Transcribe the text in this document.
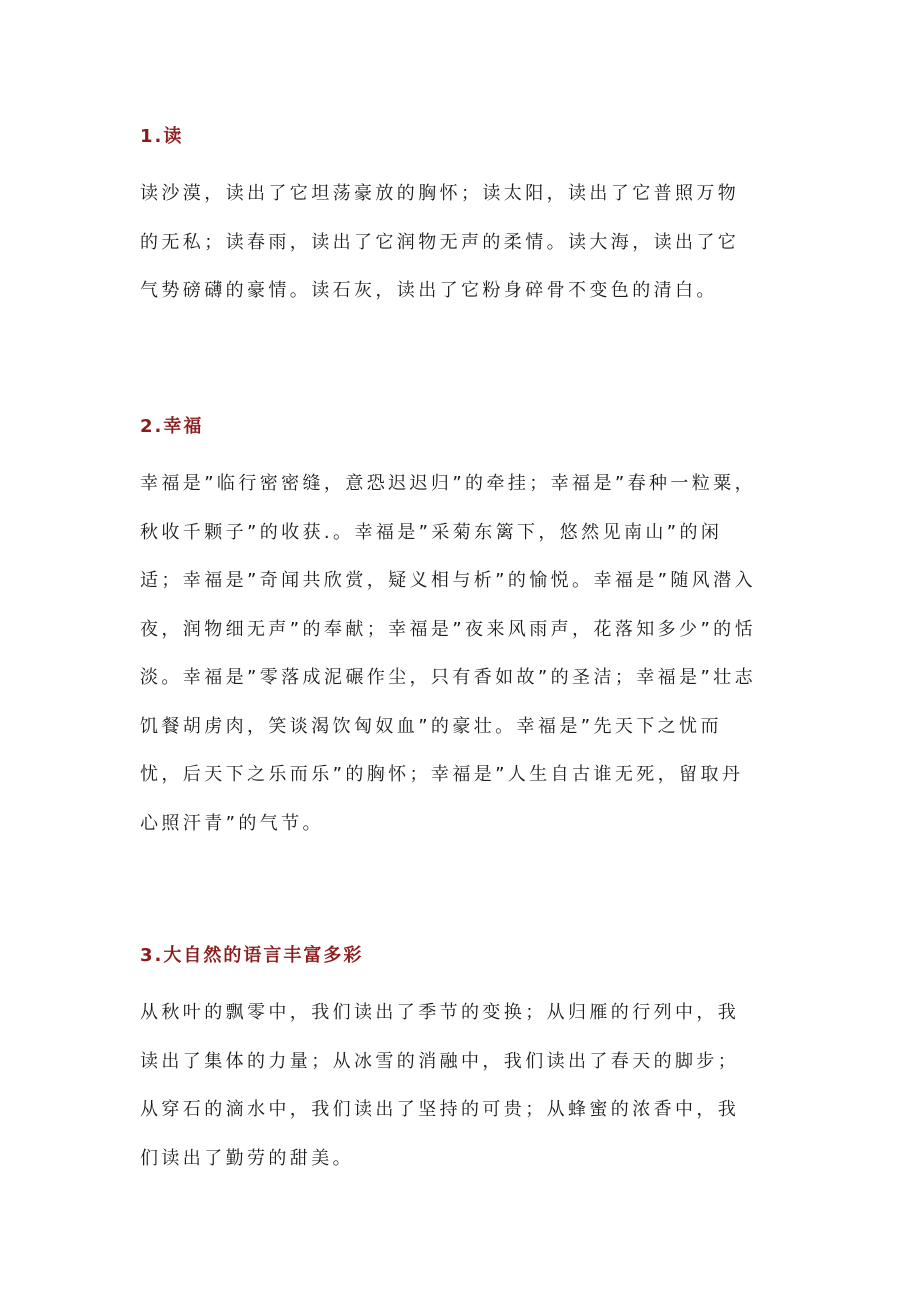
1.读
读沙漠，读出了它坦荡豪放的胸怀；读太阳，读出了它普照万物
的无私；读春雨，读出了它润物无声的柔情。读大海，读出了它
气势磅礴的豪情。读石灰，读出了它粉身碎骨不变色的清白。
2.幸福
幸福是”临行密密缝，意恐迟迟归”的牵挂；幸福是”春种一粒粟，
秋收千颗子”的收获.。幸福是”采菊东篱下，悠然见南山”的闲
适；幸福是”奇闻共欣赏，疑义相与析”的愉悦。幸福是”随风潜入
夜，润物细无声”的奉献；幸福是”夜来风雨声，花落知多少”的恬
淡。幸福是”零落成泥碾作尘，只有香如故”的圣洁；幸福是”壮志
饥餐胡虏肉，笑谈渴饮匈奴血”的豪壮。幸福是”先天下之忧而
忧，后天下之乐而乐”的胸怀；幸福是”人生自古谁无死，留取丹
心照汗青”的气节。
3.大自然的语言丰富多彩
从秋叶的飘零中，我们读出了季节的变换；从归雁的行列中，我
读出了集体的力量；从冰雪的消融中，我们读出了春天的脚步；
从穿石的滴水中，我们读出了坚持的可贵；从蜂蜜的浓香中，我
们读出了勤劳的甜美。
